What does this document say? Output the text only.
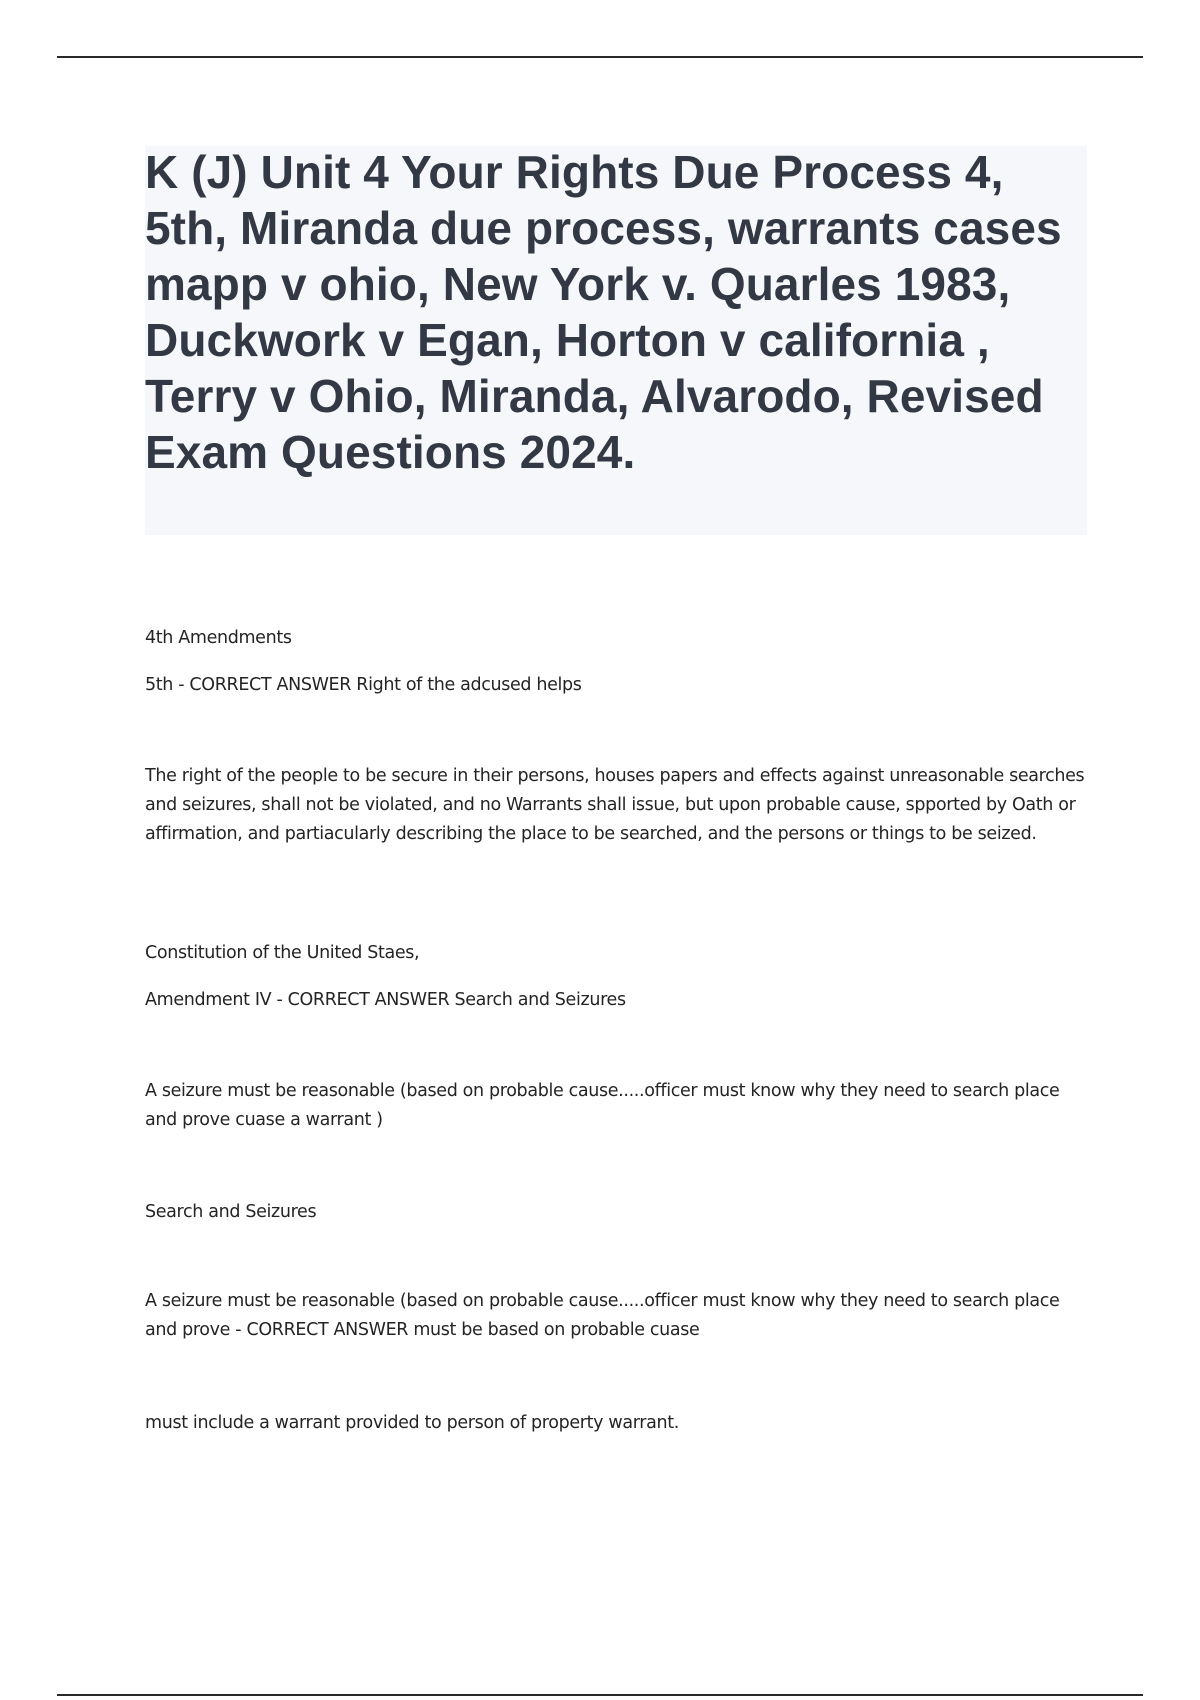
K (J) Unit 4 Your Rights Due Process 4, 5th, Miranda due process, warrants cases mapp v ohio, New York v. Quarles 1983, Duckwork v Egan, Horton v california , Terry v Ohio, Miranda, Alvarodo, Revised Exam Questions 2024.

4th Amendments

5th - CORRECT ANSWER Right of the adcused helps

The right of the people to be secure in their persons, houses papers and effects against unreasonable searches and seizures, shall not be violated, and no Warrants shall issue, but upon probable cause, spported by Oath or affirmation, and partiacularly describing the place to be searched, and the persons or things to be seized.

Constitution of the United Staes,

Amendment IV - CORRECT ANSWER Search and Seizures

A seizure must be reasonable (based on probable cause.....officer must know why they need to search place and prove cuase a warrant )

Search and Seizures

A seizure must be reasonable (based on probable cause.....officer must know why they need to search place and prove - CORRECT ANSWER must be based on probable cuase

must include a warrant provided to person of property warrant.
